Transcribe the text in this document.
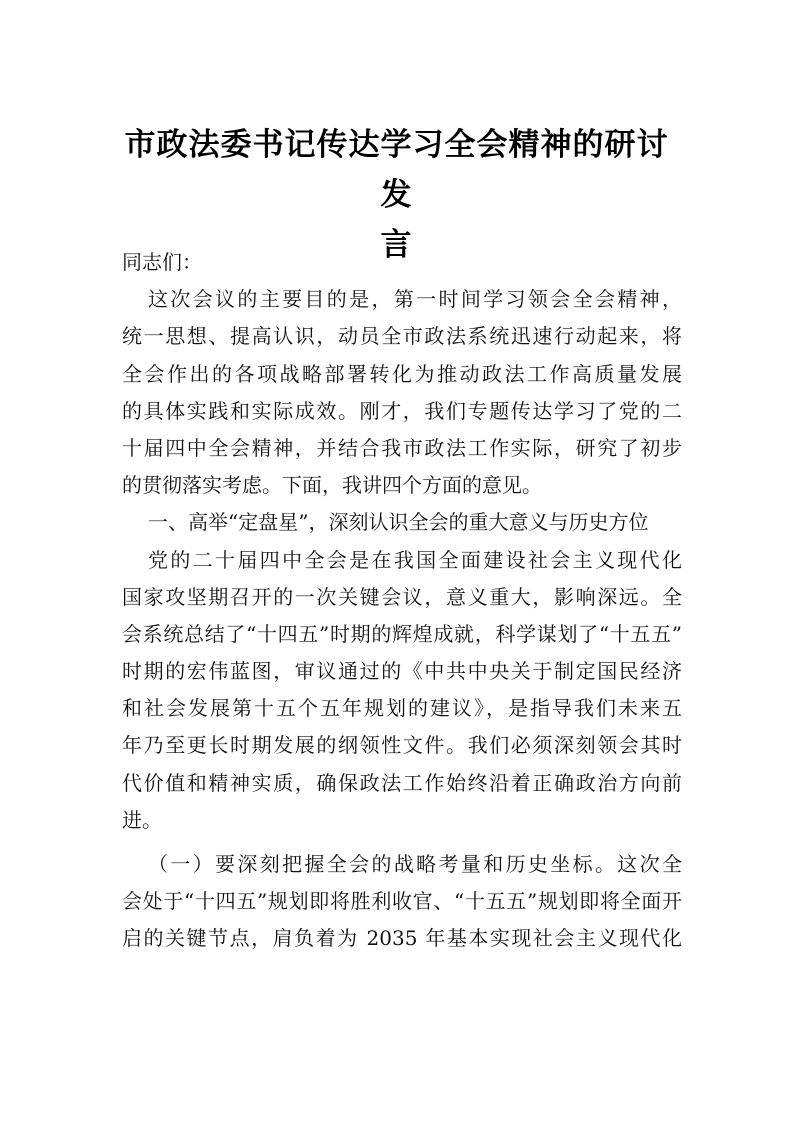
市政法委书记传达学习全会精神的研讨发
言
同志们：
这次会议的主要目的是，第一时间学习领会全会精神，
统一思想、提高认识，动员全市政法系统迅速行动起来，将
全会作出的各项战略部署转化为推动政法工作高质量发展
的具体实践和实际成效。刚才，我们专题传达学习了党的二
十届四中全会精神，并结合我市政法工作实际，研究了初步
的贯彻落实考虑。下面，我讲四个方面的意见。
一、高举“定盘星”，深刻认识全会的重大意义与历史方位
党的二十届四中全会是在我国全面建设社会主义现代化
国家攻坚期召开的一次关键会议，意义重大，影响深远。全
会系统总结了“十四五”时期的辉煌成就，科学谋划了“十五五”
时期的宏伟蓝图，审议通过的《中共中央关于制定国民经济
和社会发展第十五个五年规划的建议》，是指导我们未来五
年乃至更长时期发展的纲领性文件。我们必须深刻领会其时
代价值和精神实质，确保政法工作始终沿着正确政治方向前
进。
（一）要深刻把握全会的战略考量和历史坐标。这次全
会处于“十四五”规划即将胜利收官、“十五五”规划即将全面开
启的关键节点，肩负着为 2035 年基本实现社会主义现代化
